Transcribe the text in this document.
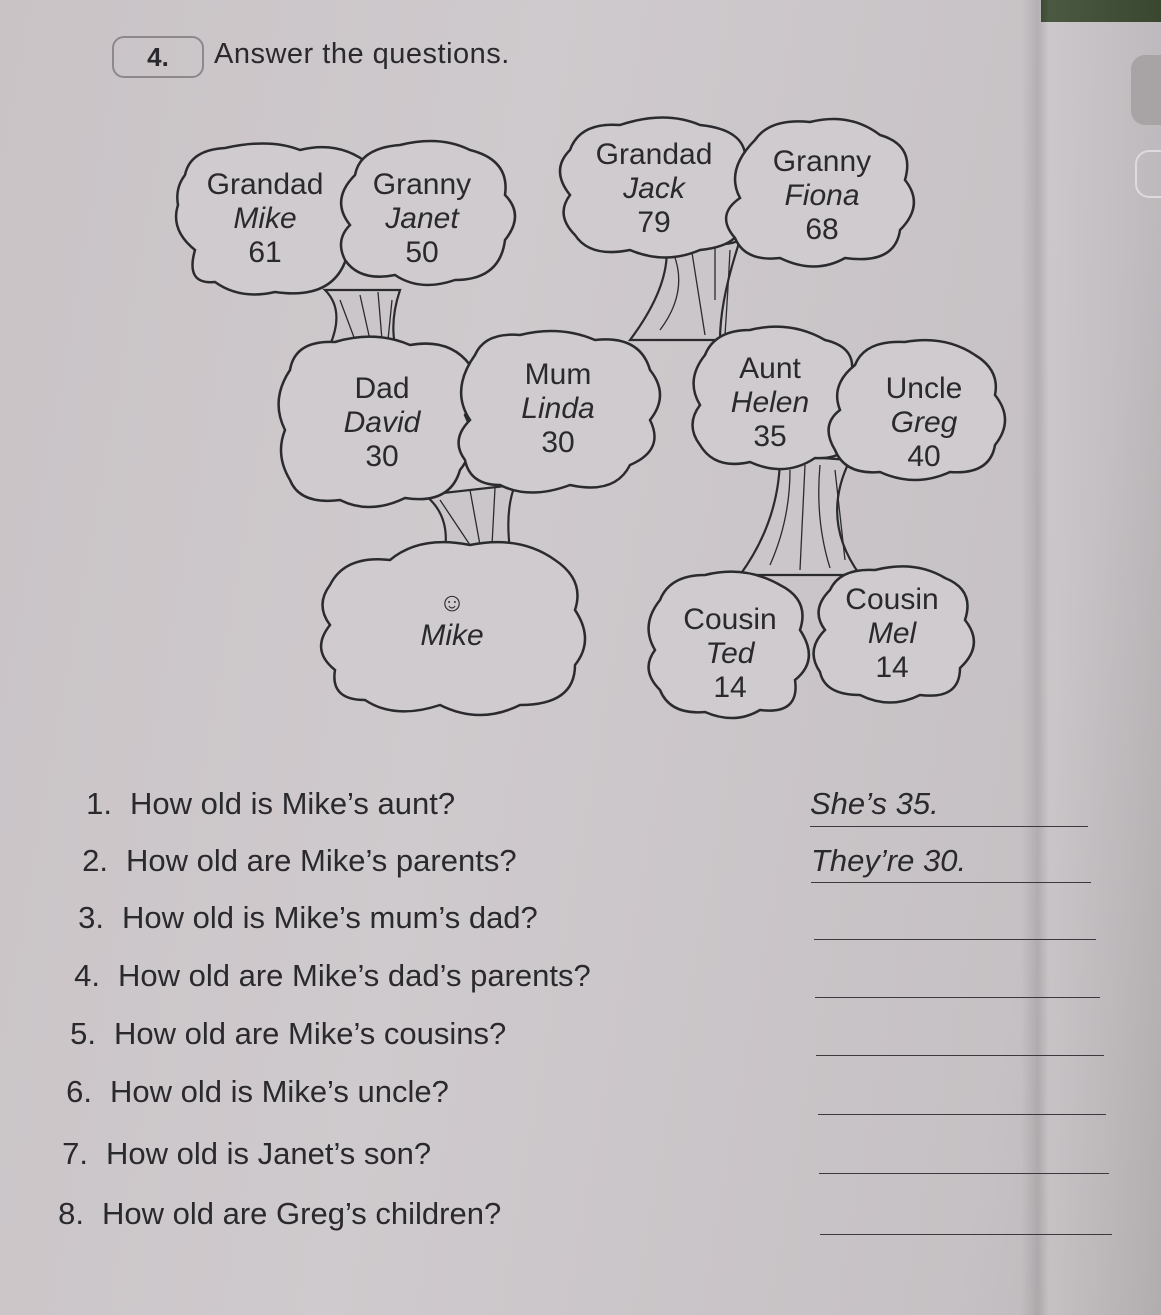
4.	Answer the questions.
Grandad
Mike
61
Granny
Janet
50
Grandad
Jack
79
Granny
Fiona
68
Dad
David
30
Mum
Linda
30
Aunt
Helen
35
Uncle
Greg
40
☺
Mike	Cousin
Ted
14
Cousin
Mel
14
1. How old is Mike’s aunt?	She’s 35.
2. How old are Mike’s parents?	They’re 30.
3. How old is Mike’s mum’s dad?
4. How old are Mike’s dad’s parents?
5. How old are Mike’s cousins?
6. How old is Mike’s uncle?
7. How old is Janet’s son?
8. How old are Greg’s children?
